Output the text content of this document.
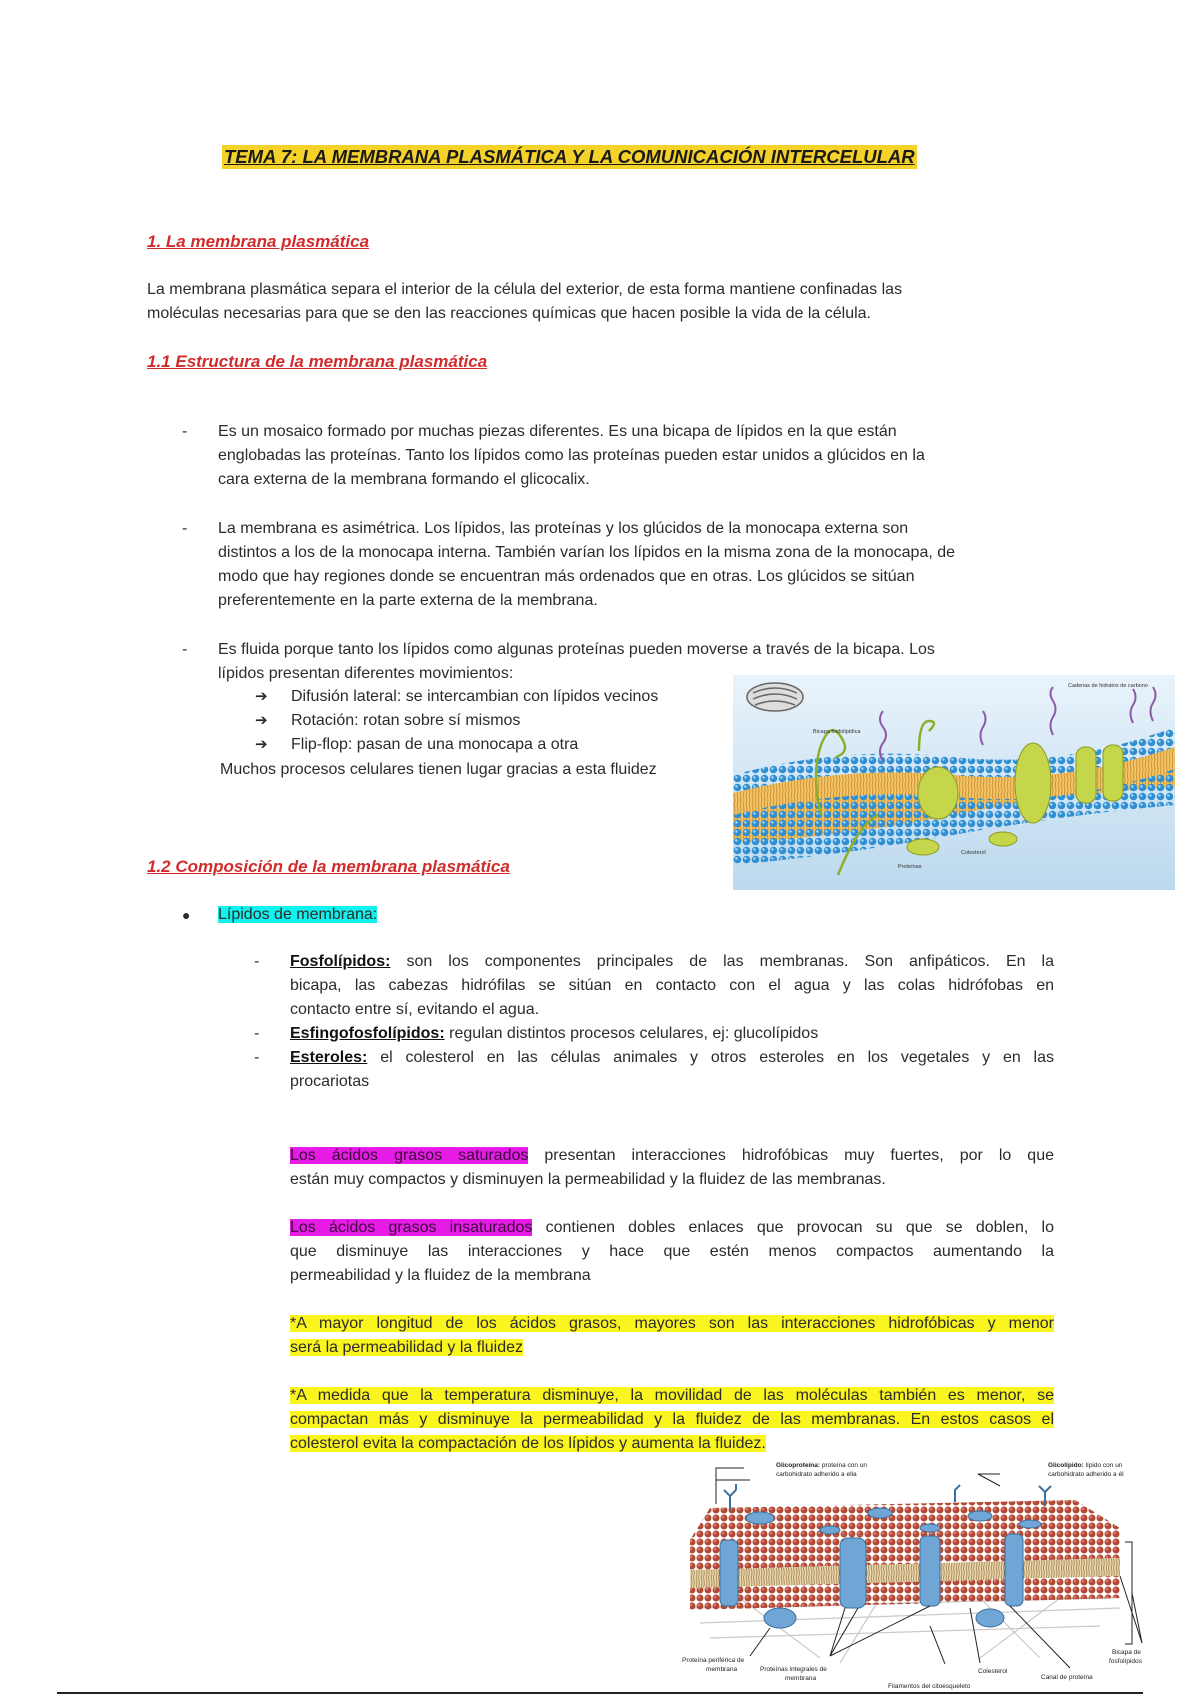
TEMA 7: LA MEMBRANA PLASMÁTICA Y LA COMUNICACIÓN INTERCELULAR
1. La membrana plasmática
La membrana plasmática separa el interior de la célula del exterior, de esta forma mantiene confinadas las
moléculas necesarias para que se den las reacciones químicas que hacen posible la vida de la célula.
1.1 Estructura de la membrana plasmática
- Es un mosaico formado por muchas piezas diferentes. Es una bicapa de lípidos en la que están
englobadas las proteínas. Tanto los lípidos como las proteínas pueden estar unidos a glúcidos en la
cara externa de la membrana formando el glicocalix.
- La membrana es asimétrica. Los lípidos, las proteínas y los glúcidos de la monocapa externa son
distintos a los de la monocapa interna. También varían los lípidos en la misma zona de la monocapa, de
modo que hay regiones donde se encuentran más ordenados que en otras. Los glúcidos se sitúan
preferentemente en la parte externa de la membrana.
- Es fluida porque tanto los lípidos como algunas proteínas pueden moverse a través de la bicapa. Los
lípidos presentan diferentes movimientos:
➔ Difusión lateral: se intercambian con lípidos vecinos
➔ Rotación: rotan sobre sí mismos
➔ Flip-flop: pasan de una monocapa a otra
Muchos procesos celulares tienen lugar gracias a esta fluidez
Cadenas de hidratos de carbono
Bicapa fosfolipídica
Proteínas
Colesterol
1.2 Composición de la membrana plasmática
● Lípidos de membrana:
- Fosfolípidos: son los componentes principales de las membranas. Son anfipáticos. En la
bicapa, las cabezas hidrófilas se sitúan en contacto con el agua y las colas hidrófobas en
contacto entre sí, evitando el agua.
- Esfingofosfolípidos: regulan distintos procesos celulares, ej: glucolípidos
- Esteroles: el colesterol en las células animales y otros esteroles en los vegetales y en las
procariotas
Los ácidos grasos saturados presentan interacciones hidrofóbicas muy fuertes, por lo que
están muy compactos y disminuyen la permeabilidad y la fluidez de las membranas.
Los ácidos grasos insaturados contienen dobles enlaces que provocan su que se doblen, lo
que disminuye las interacciones y hace que estén menos compactos aumentando la
permeabilidad y la fluidez de la membrana
*A mayor longitud de los ácidos grasos, mayores son las interacciones hidrofóbicas y menor
será la permeabilidad y la fluidez
*A medida que la temperatura disminuye, la movilidad de las moléculas también es menor, se
compactan más y disminuye la permeabilidad y la fluidez de las membranas. En estos casos el
colesterol evita la compactación de los lípidos y aumenta la fluidez.
Glicoproteína: proteína con un
carbohidrato adherido a ella
Glicolípido: lípido con un
carbohidrato adherido a él
Proteína periférica de
membrana	Proteínas integrales de
membrana
Colesterol
Canal de proteína
Bicapa de
fosfolípidos
Filamentos del citoesqueleto
